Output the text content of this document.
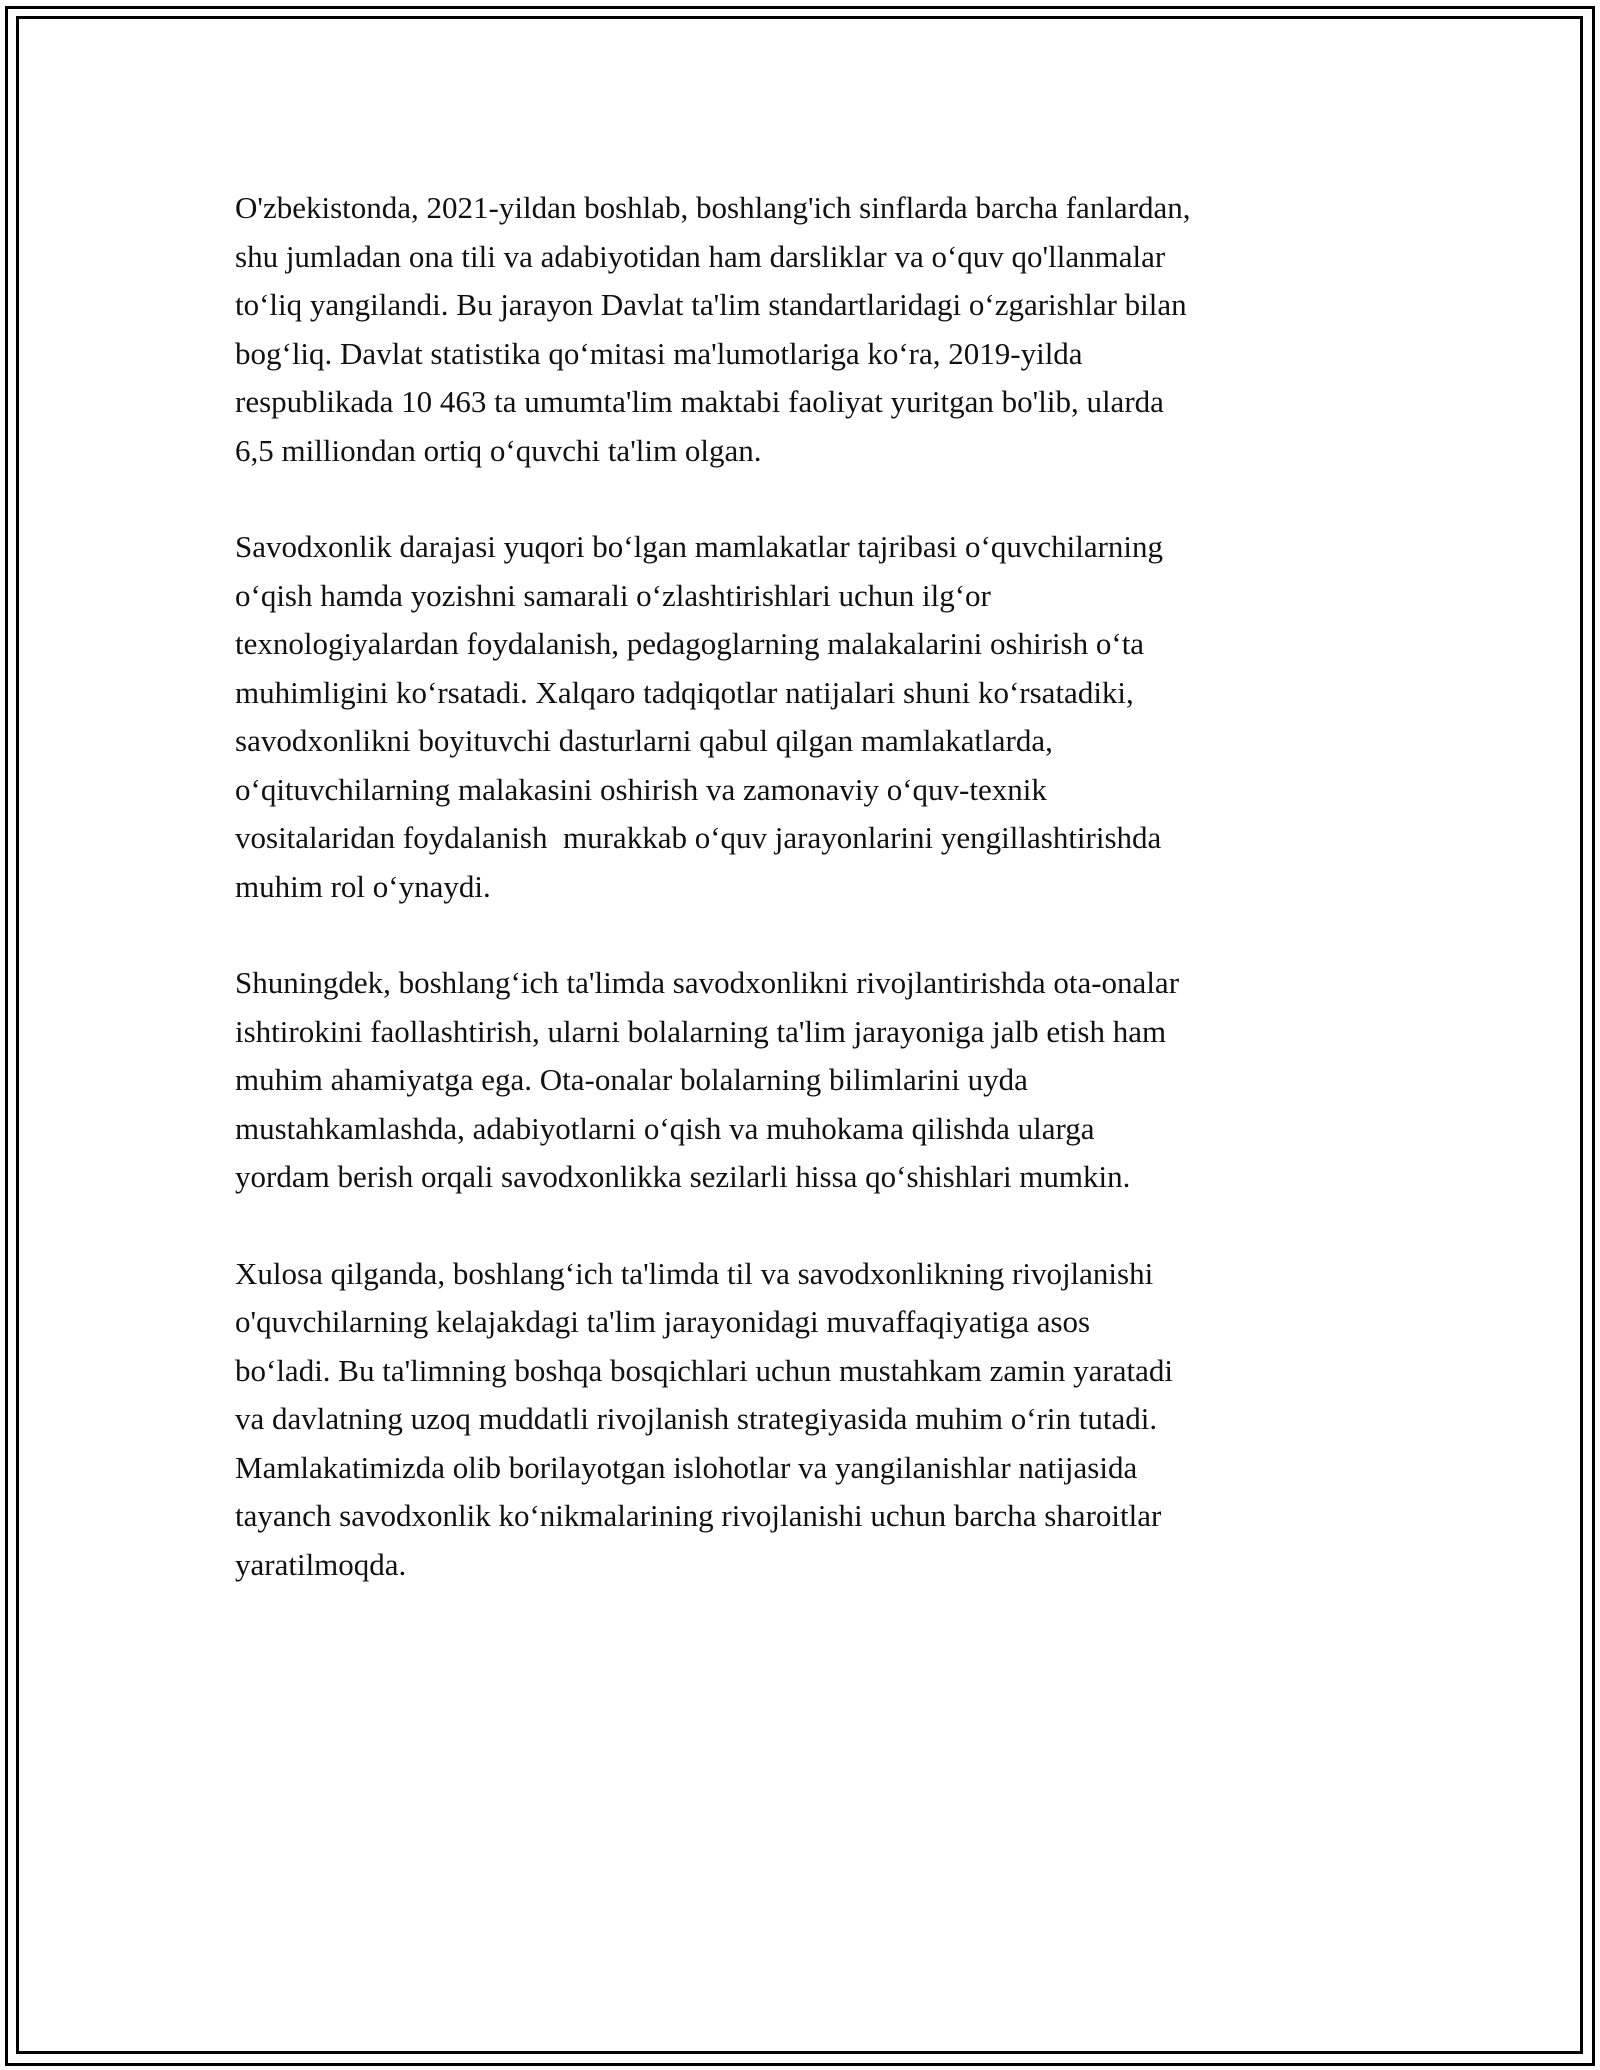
O'zbekistonda, 2021-yildan boshlab, boshlang'ich sinflarda barcha fanlardan,
shu jumladan ona tili va adabiyotidan ham darsliklar va o‘quv qo'llanmalar
to‘liq yangilandi. Bu jarayon Davlat ta'lim standartlaridagi o‘zgarishlar bilan
bog‘liq. Davlat statistika qo‘mitasi ma'lumotlariga ko‘ra, 2019-yilda
respublikada 10 463 ta umumta'lim maktabi faoliyat yuritgan bo'lib, ularda
6,5 milliondan ortiq o‘quvchi ta'lim olgan.

Savodxonlik darajasi yuqori bo‘lgan mamlakatlar tajribasi o‘quvchilarning
o‘qish hamda yozishni samarali o‘zlashtirishlari uchun ilg‘or
texnologiyalardan foydalanish, pedagoglarning malakalarini oshirish o‘ta
muhimligini ko‘rsatadi. Xalqaro tadqiqotlar natijalari shuni ko‘rsatadiki,
savodxonlikni boyituvchi dasturlarni qabul qilgan mamlakatlarda,
o‘qituvchilarning malakasini oshirish va zamonaviy o‘quv-texnik
vositalaridan foydalanish  murakkab o‘quv jarayonlarini yengillashtirishda
muhim rol o‘ynaydi.

Shuningdek, boshlang‘ich ta'limda savodxonlikni rivojlantirishda ota-onalar
ishtirokini faollashtirish, ularni bolalarning ta'lim jarayoniga jalb etish ham
muhim ahamiyatga ega. Ota-onalar bolalarning bilimlarini uyda
mustahkamlashda, adabiyotlarni o‘qish va muhokama qilishda ularga
yordam berish orqali savodxonlikka sezilarli hissa qo‘shishlari mumkin.

Xulosa qilganda, boshlang‘ich ta'limda til va savodxonlikning rivojlanishi
o'quvchilarning kelajakdagi ta'lim jarayonidagi muvaffaqiyatiga asos
bo‘ladi. Bu ta'limning boshqa bosqichlari uchun mustahkam zamin yaratadi
va davlatning uzoq muddatli rivojlanish strategiyasida muhim o‘rin tutadi.
Mamlakatimizda olib borilayotgan islohotlar va yangilanishlar natijasida
tayanch savodxonlik ko‘nikmalarining rivojlanishi uchun barcha sharoitlar
yaratilmoqda.
